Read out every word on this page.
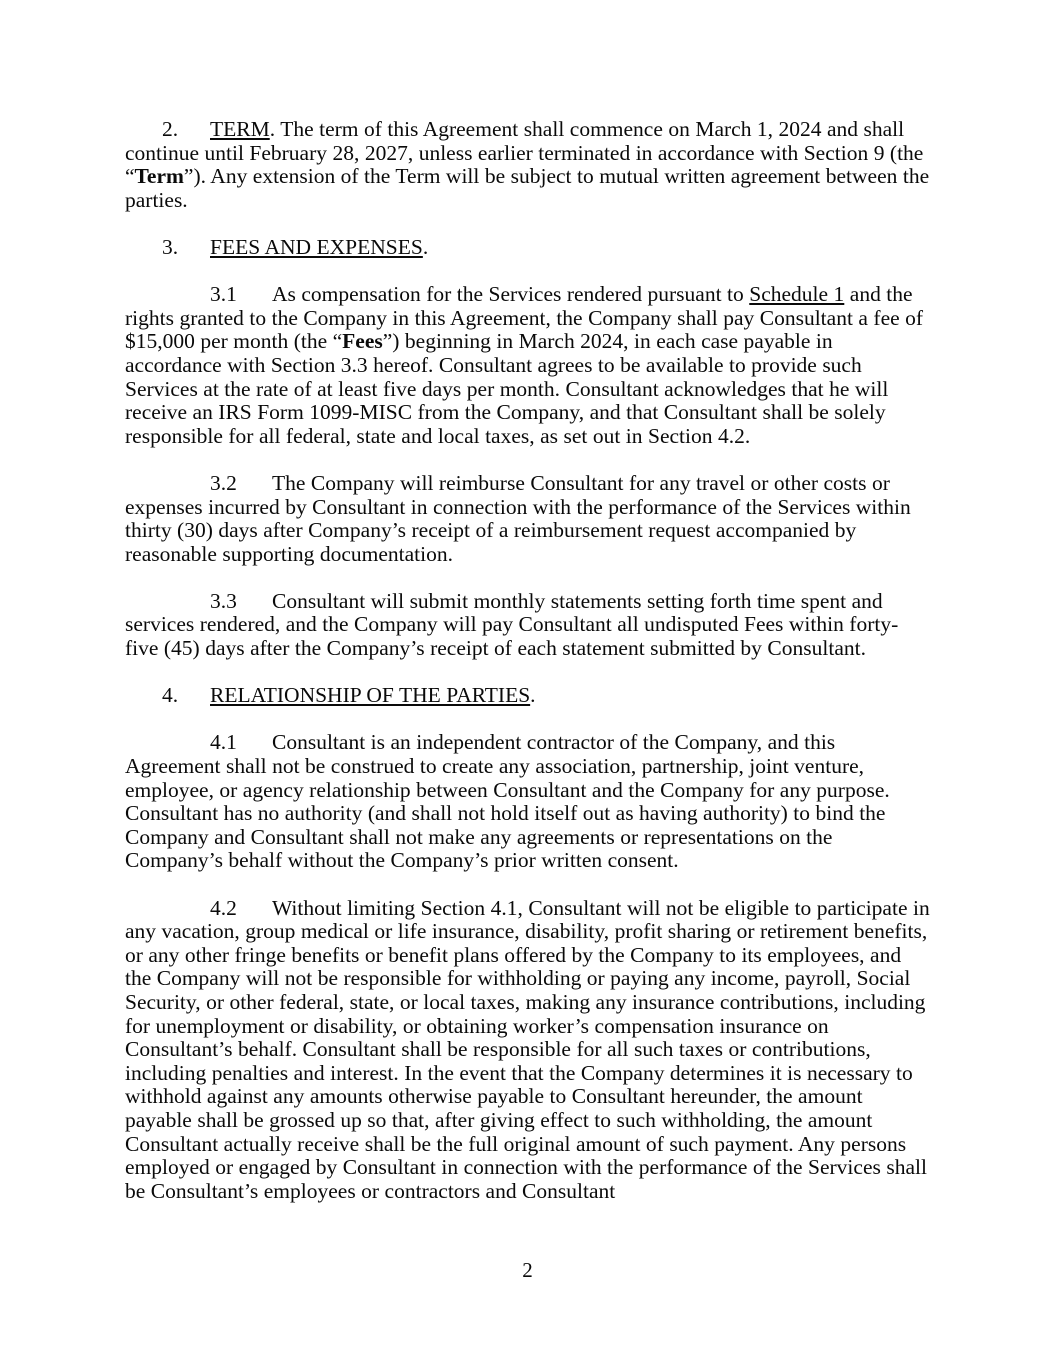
2. TERM. The term of this Agreement shall commence on March 1, 2024 and shall continue until February 28, 2027, unless earlier terminated in accordance with Section 9 (the “Term”). Any extension of the Term will be subject to mutual written agreement between the parties.

3. FEES AND EXPENSES.

3.1 As compensation for the Services rendered pursuant to Schedule 1 and the rights granted to the Company in this Agreement, the Company shall pay Consultant a fee of $15,000 per month (the “Fees”) beginning in March 2024, in each case payable in accordance with Section 3.3 hereof. Consultant agrees to be available to provide such Services at the rate of at least five days per month. Consultant acknowledges that he will receive an IRS Form 1099-MISC from the Company, and that Consultant shall be solely responsible for all federal, state and local taxes, as set out in Section 4.2.

3.2 The Company will reimburse Consultant for any travel or other costs or expenses incurred by Consultant in connection with the performance of the Services within thirty (30) days after Company’s receipt of a reimbursement request accompanied by reasonable supporting documentation.

3.3 Consultant will submit monthly statements setting forth time spent and services rendered, and the Company will pay Consultant all undisputed Fees within forty-five (45) days after the Company’s receipt of each statement submitted by Consultant.

4. RELATIONSHIP OF THE PARTIES.

4.1 Consultant is an independent contractor of the Company, and this Agreement shall not be construed to create any association, partnership, joint venture, employee, or agency relationship between Consultant and the Company for any purpose. Consultant has no authority (and shall not hold itself out as having authority) to bind the Company and Consultant shall not make any agreements or representations on the Company’s behalf without the Company’s prior written consent.

4.2 Without limiting Section 4.1, Consultant will not be eligible to participate in any vacation, group medical or life insurance, disability, profit sharing or retirement benefits, or any other fringe benefits or benefit plans offered by the Company to its employees, and the Company will not be responsible for withholding or paying any income, payroll, Social Security, or other federal, state, or local taxes, making any insurance contributions, including for unemployment or disability, or obtaining worker’s compensation insurance on Consultant’s behalf. Consultant shall be responsible for all such taxes or contributions, including penalties and interest. In the event that the Company determines it is necessary to withhold against any amounts otherwise payable to Consultant hereunder, the amount payable shall be grossed up so that, after giving effect to such withholding, the amount Consultant actually receive shall be the full original amount of such payment. Any persons employed or engaged by Consultant in connection with the performance of the Services shall be Consultant’s employees or contractors and Consultant

2
